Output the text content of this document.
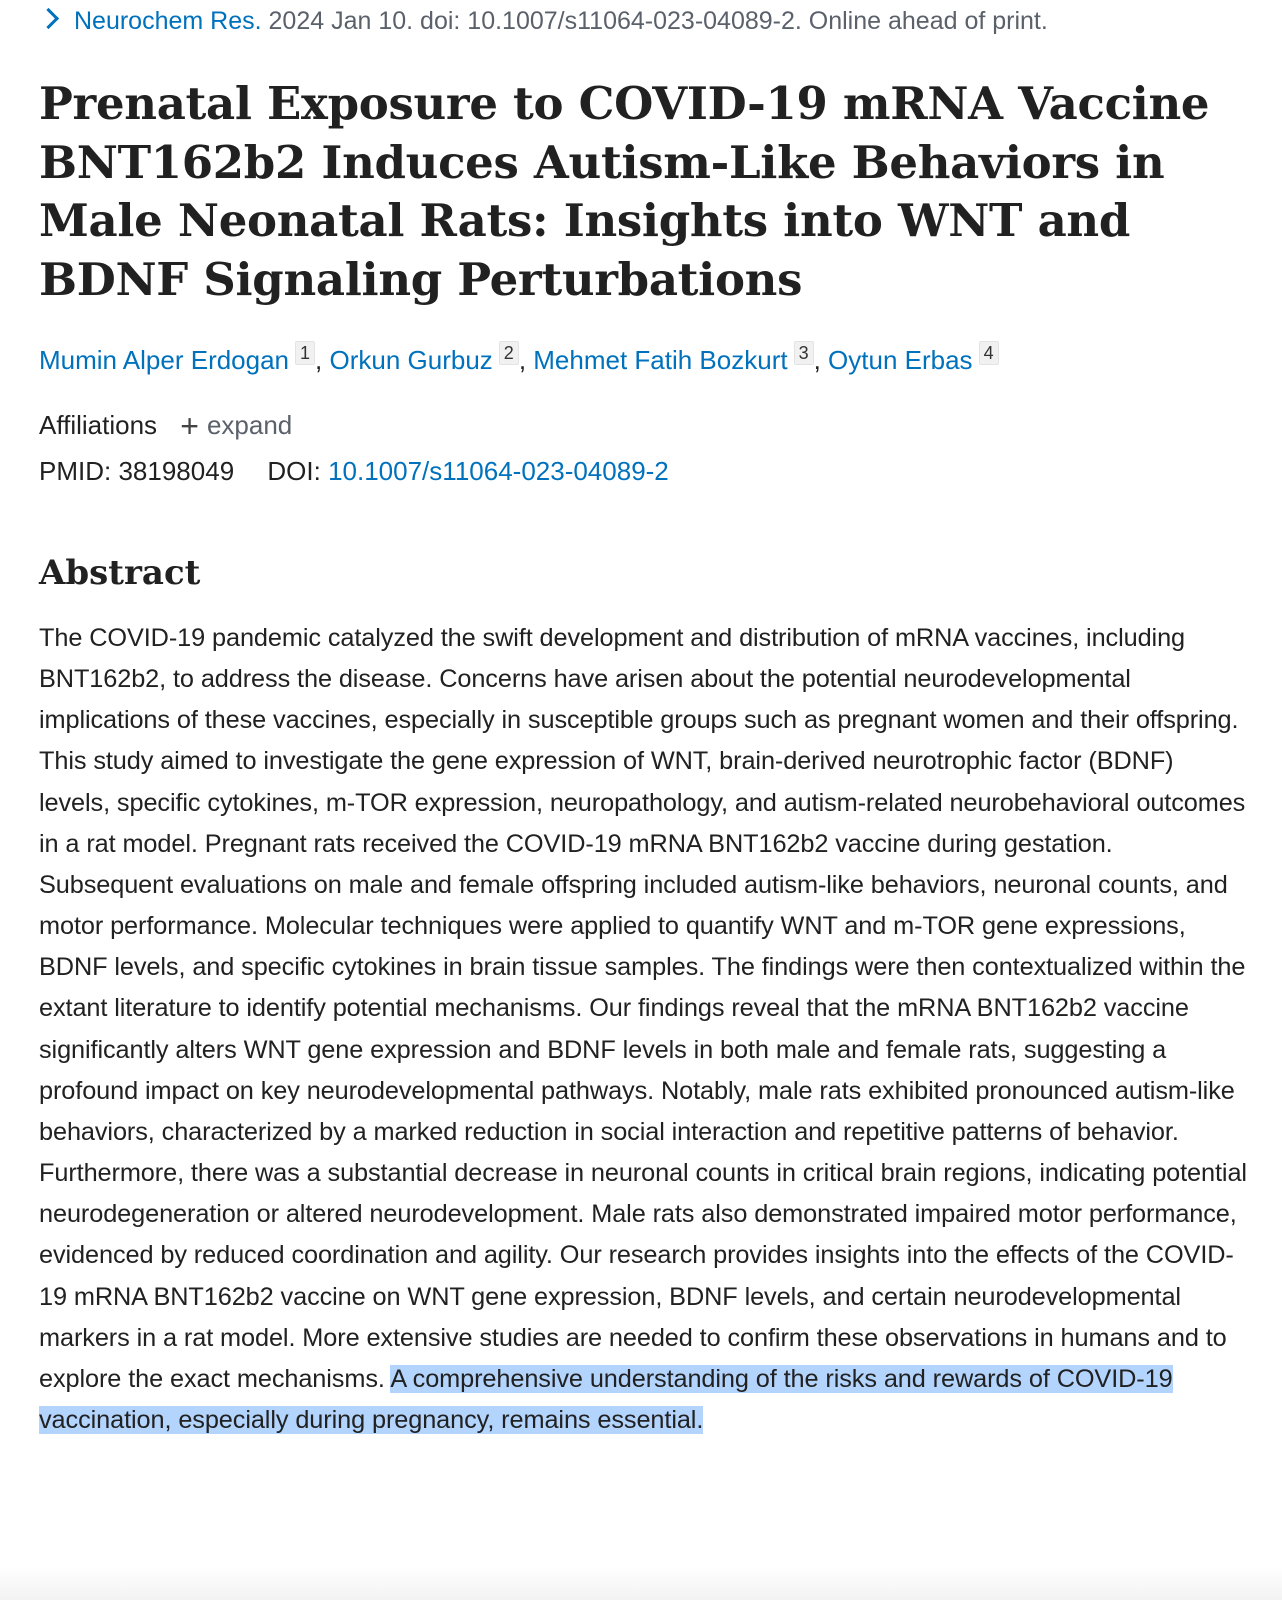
Neurochem Res. 2024 Jan 10. doi: 10.1007/s11064-023-04089-2. Online ahead of print.
Prenatal Exposure to COVID-19 mRNA Vaccine BNT162b2 Induces Autism-Like Behaviors in Male Neonatal Rats: Insights into WNT and BDNF Signaling Perturbations
Mumin Alper Erdogan 1 , Orkun Gurbuz 2 , Mehmet Fatih Bozkurt 3 , Oytun Erbas 4
Affiliations + expand
PMID: 38198049 DOI: 10.1007/s11064-023-04089-2
Abstract

The COVID-19 pandemic catalyzed the swift development and distribution of mRNA vaccines, including BNT162b2, to address the disease. Concerns have arisen about the potential neurodevelopmental implications of these vaccines, especially in susceptible groups such as pregnant women and their offspring. This study aimed to investigate the gene expression of WNT, brain-derived neurotrophic factor (BDNF) levels, specific cytokines, m-TOR expression, neuropathology, and autism-related neurobehavioral outcomes in a rat model. Pregnant rats received the COVID-19 mRNA BNT162b2 vaccine during gestation. Subsequent evaluations on male and female offspring included autism-like behaviors, neuronal counts, and motor performance. Molecular techniques were applied to quantify WNT and m-TOR gene expressions, BDNF levels, and specific cytokines in brain tissue samples. The findings were then contextualized within the extant literature to identify potential mechanisms. Our findings reveal that the mRNA BNT162b2 vaccine significantly alters WNT gene expression and BDNF levels in both male and female rats, suggesting a profound impact on key neurodevelopmental pathways. Notably, male rats exhibited pronounced autism-like behaviors, characterized by a marked reduction in social interaction and repetitive patterns of behavior. Furthermore, there was a substantial decrease in neuronal counts in critical brain regions, indicating potential neurodegeneration or altered neurodevelopment. Male rats also demonstrated impaired motor performance, evidenced by reduced coordination and agility. Our research provides insights into the effects of the COVID-19 mRNA BNT162b2 vaccine on WNT gene expression, BDNF levels, and certain neurodevelopmental markers in a rat model. More extensive studies are needed to confirm these observations in humans and to explore the exact mechanisms. A comprehensive understanding of the risks and rewards of COVID-19 vaccination, especially during pregnancy, remains essential.
